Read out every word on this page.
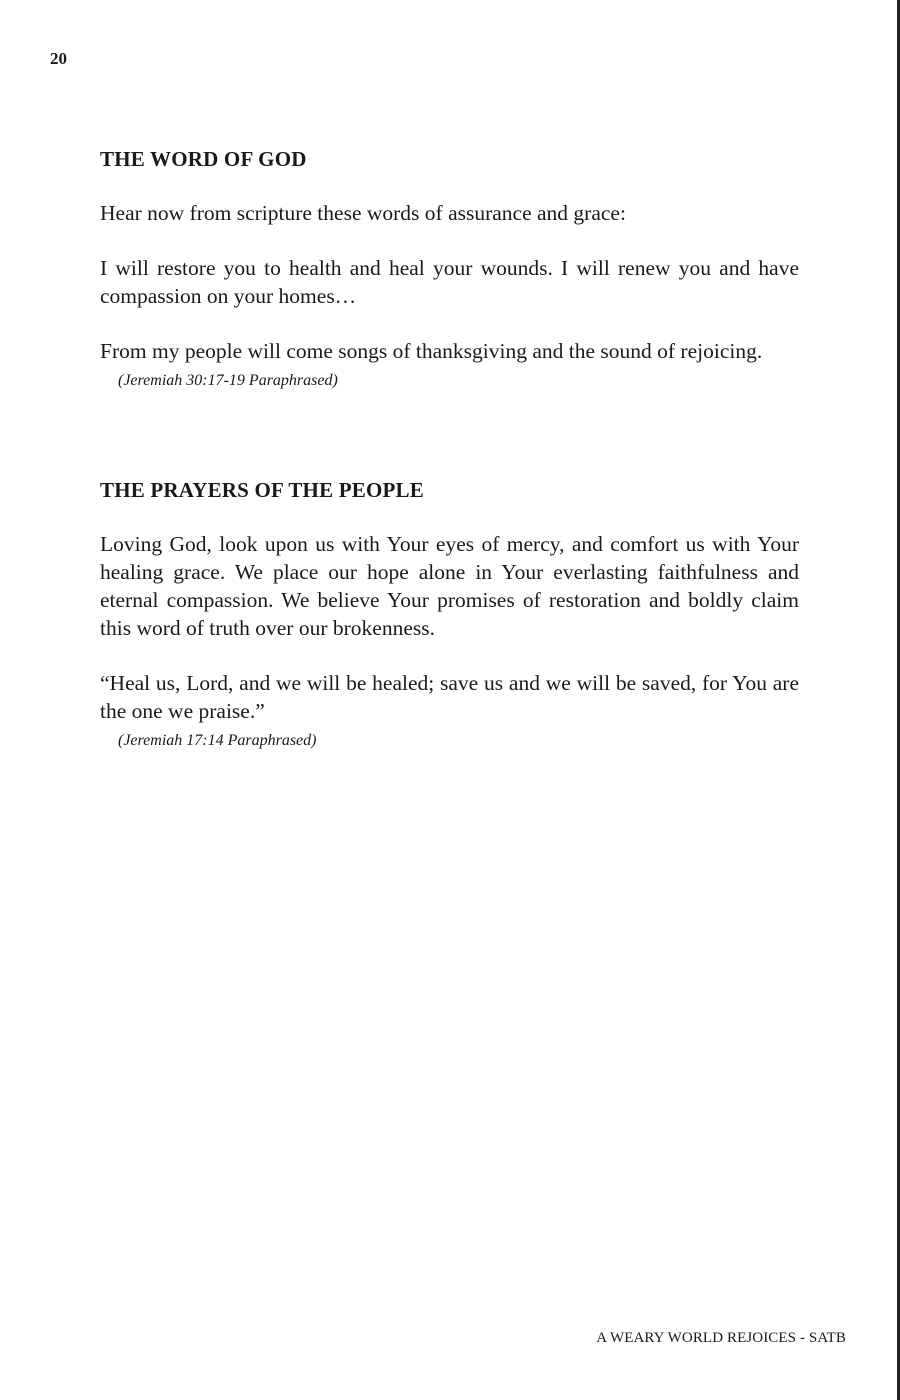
20
THE WORD OF GOD

Hear now from scripture these words of assurance and grace:

I will restore you to health and heal your wounds. I will renew you and have compassion on your homes…

From my people will come songs of thanksgiving and the sound of rejoicing.

(Jeremiah 30:17-19 Paraphrased)
THE PRAYERS OF THE PEOPLE

Loving God, look upon us with Your eyes of mercy, and comfort us with Your healing grace. We place our hope alone in Your everlasting faithfulness and eternal compassion. We believe Your promises of restoration and boldly claim this word of truth over our brokenness.

“Heal us, Lord, and we will be healed; save us and we will be saved, for You are the one we praise.”

(Jeremiah 17:14 Paraphrased)
A WEARY WORLD REJOICES - SATB
